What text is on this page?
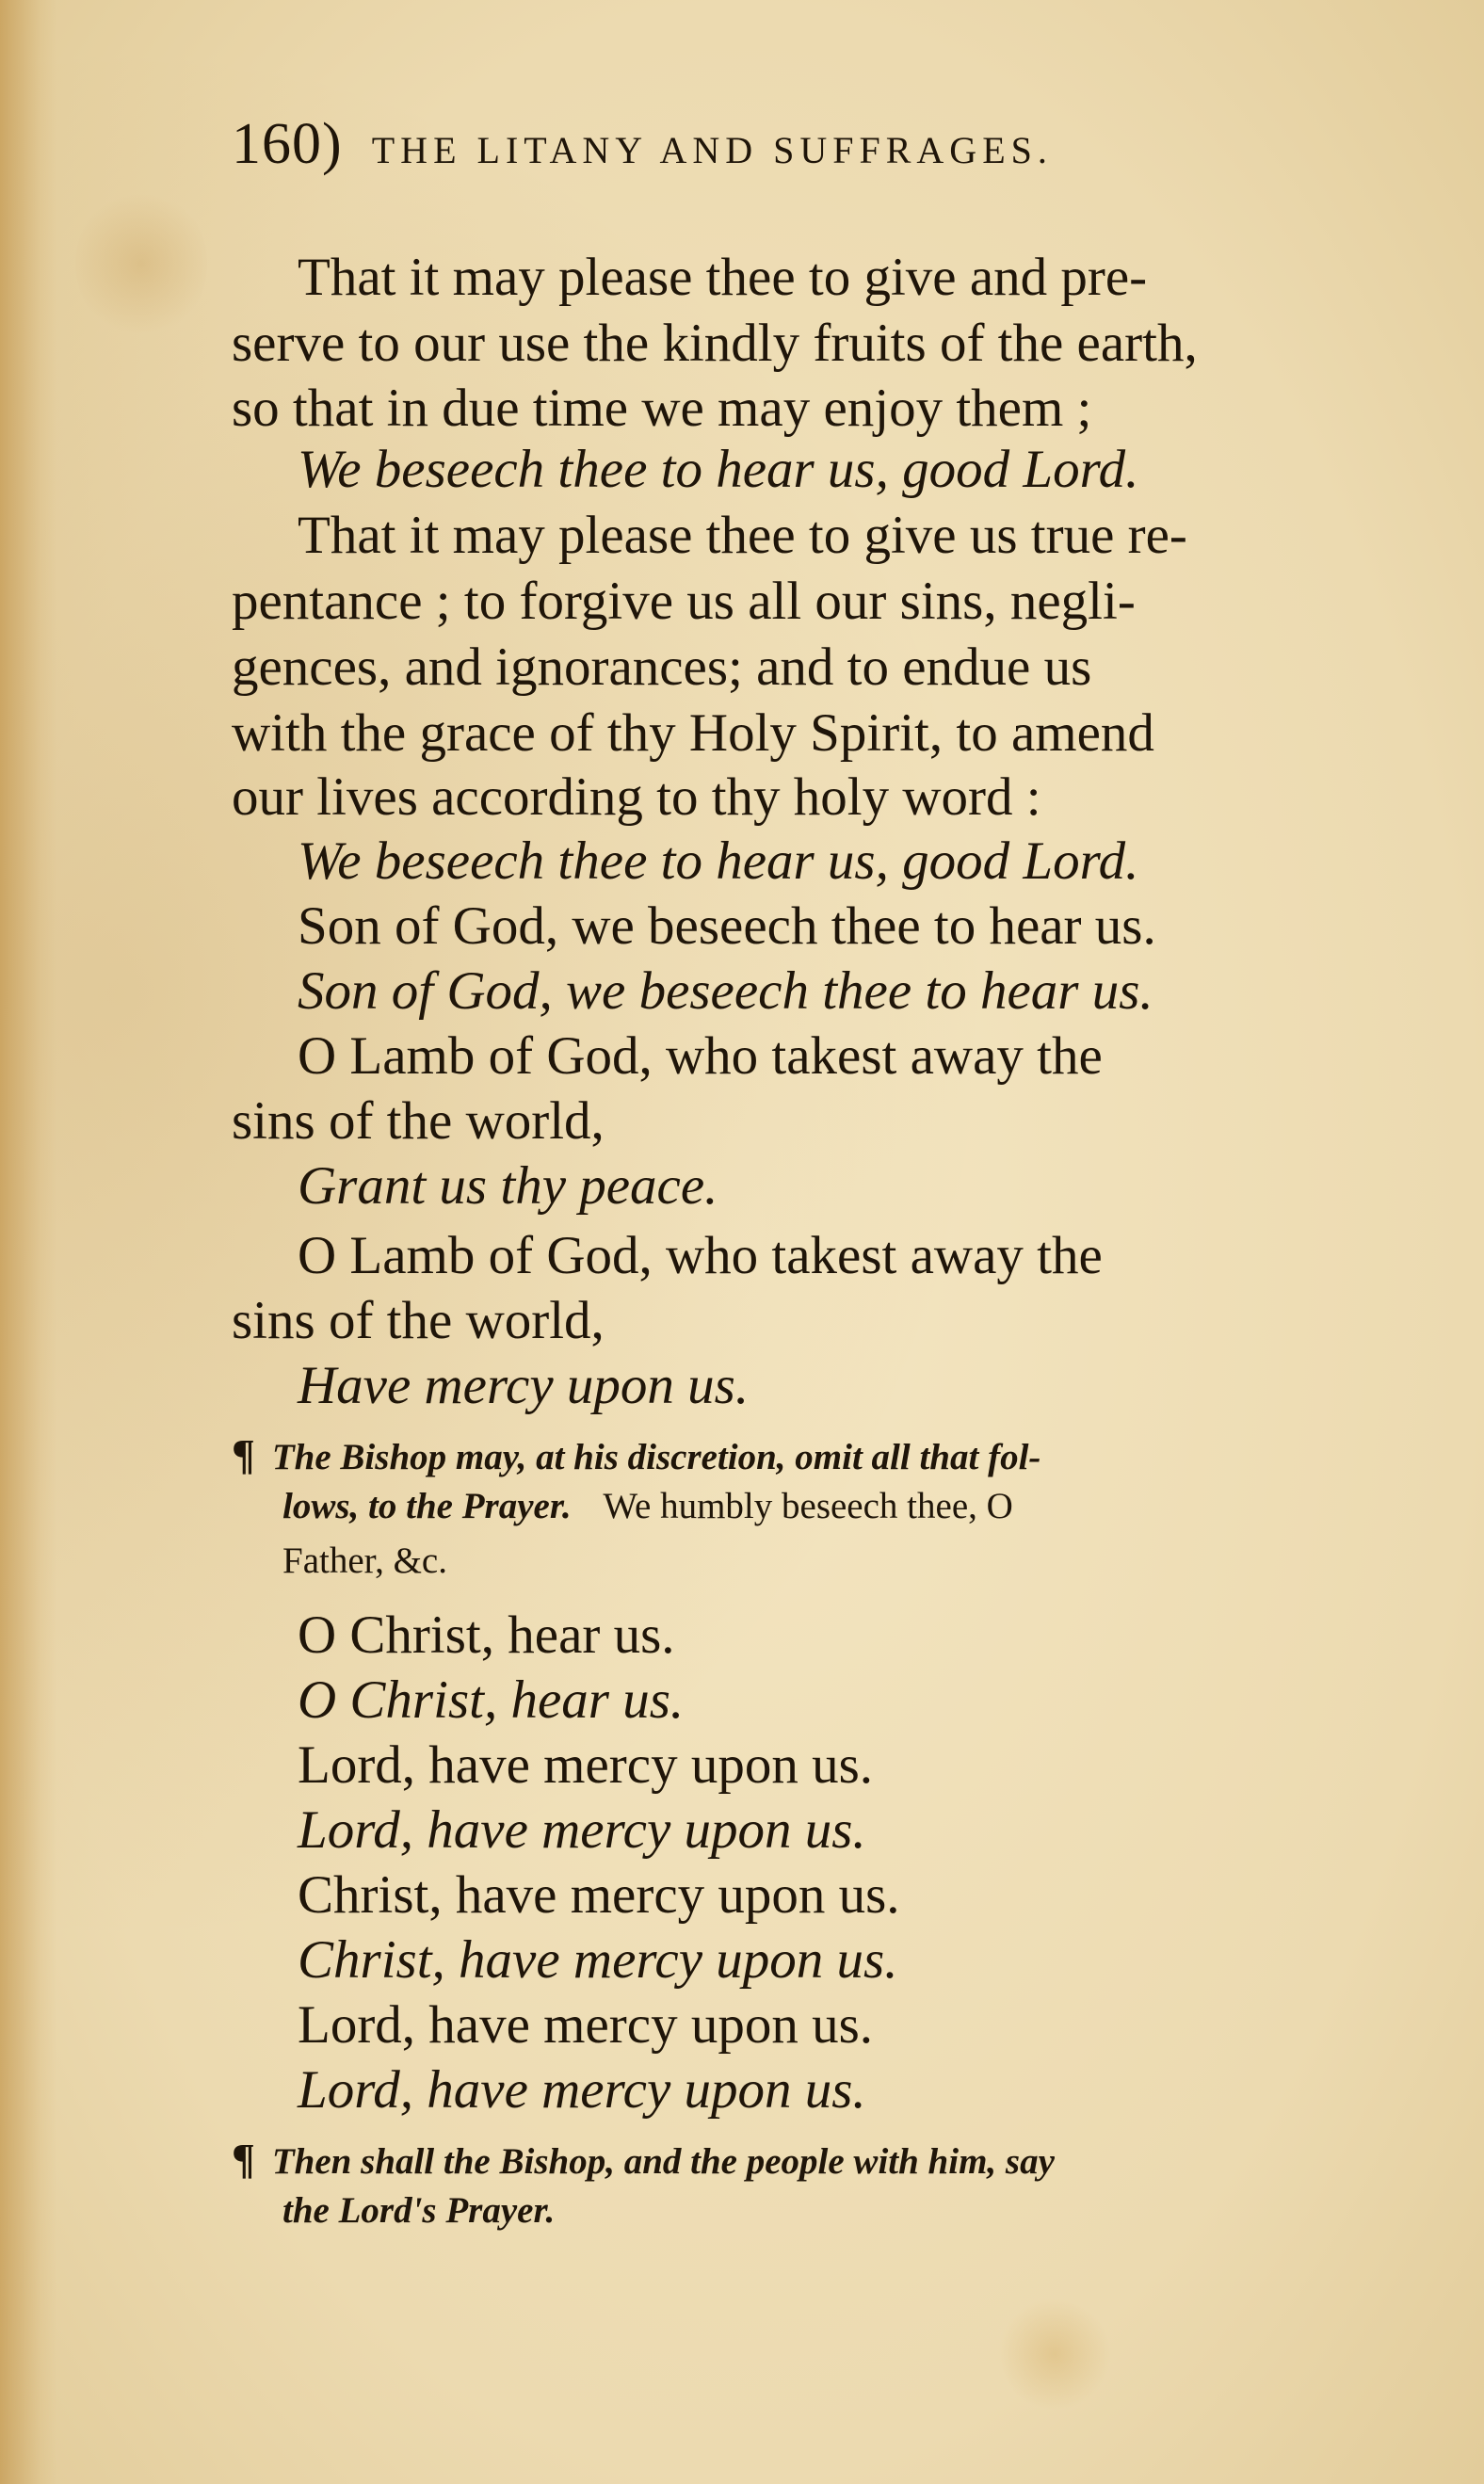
160) THE LITANY AND SUFFRAGES.
That it may please thee to give and pre-
serve to our use the kindly fruits of the earth,
so that in due time we may enjoy them ;
We beseech thee to hear us, good Lord.
That it may please thee to give us true re-
pentance ; to forgive us all our sins, negli-
gences, and ignorances; and to endue us
with the grace of thy Holy Spirit, to amend
our lives according to thy holy word :
We beseech thee to hear us, good Lord.
Son of God, we beseech thee to hear us.
Son of God, we beseech thee to hear us.
O Lamb of God, who takest away the
sins of the world,
Grant us thy peace.
O Lamb of God, who takest away the
sins of the world,
Have mercy upon us.
¶ The Bishop may, at his discretion, omit all that fol-
lows, to the Prayer. We humbly beseech thee, O
Father, &c.
O Christ, hear us.
O Christ, hear us.
Lord, have mercy upon us.
Lord, have mercy upon us.
Christ, have mercy upon us.
Christ, have mercy upon us.
Lord, have mercy upon us.
Lord, have mercy upon us.
¶ Then shall the Bishop, and the people with him, say
the Lord's Prayer.
